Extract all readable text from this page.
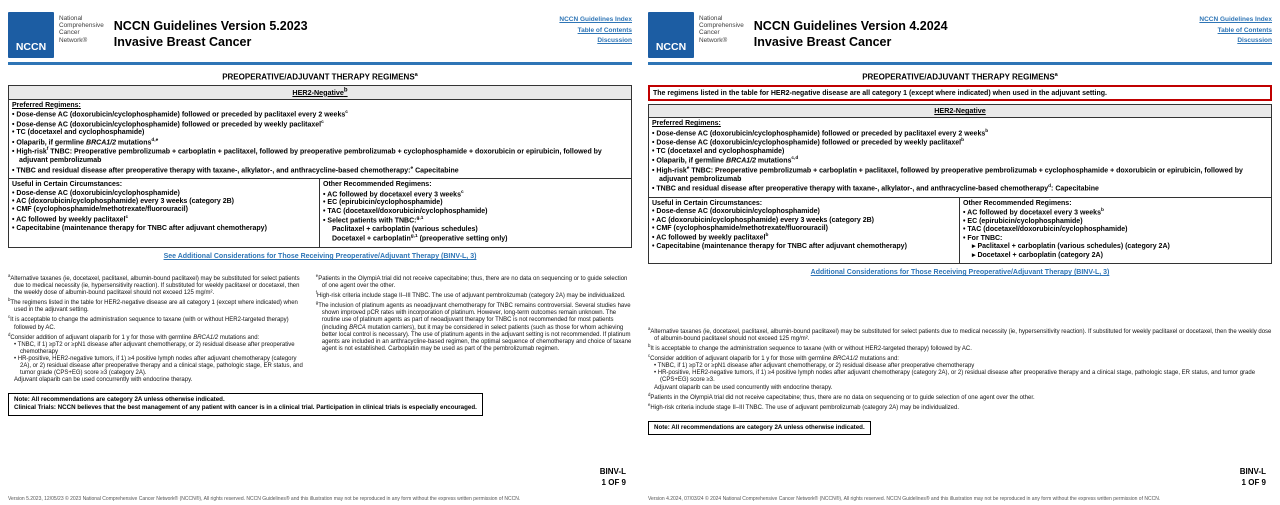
NCCN
National
Comprehensive
Cancer
Network®
NCCN Guidelines Version 5.2023
Invasive Breast Cancer
NCCN Guidelines Index
Table of Contents
Discussion
PREOPERATIVE/ADJUVANT THERAPY REGIMENS$^a$
HER2-Negative$^b$
Preferred Regimens:
• Dose-dense AC (doxorubicin/cyclophosphamide) followed or preceded by paclitaxel every 2 weeks$^c$
• Dose-dense AC (doxorubicin/cyclophosphamide) followed or preceded by weekly paclitaxel$^c$
• TC (docetaxel and cyclophosphamide)
• Olaparib, if germline BRCA1/2 mutations$^{d,e}$
• High-risk$^f$ TNBC: Preoperative pembrolizumab + carboplatin + paclitaxel, followed by preoperative pembrolizumab + cyclophosphamide + doxorubicin or epirubicin, followed by adjuvant pembrolizumab
• TNBC and residual disease after preoperative therapy with taxane-, alkylator-, and anthracycline-based chemotherapy:$^e$ Capecitabine
Useful in Certain Circumstances:
• Dose-dense AC (doxorubicin/cyclophosphamide)
• AC (doxorubicin/cyclophosphamide) every 3 weeks (category 2B)
• CMF (cyclophosphamide/methotrexate/fluorouracil)
• AC followed by weekly paclitaxel$^c$
• Capecitabine (maintenance therapy for TNBC after adjuvant chemotherapy)
Other Recommended Regimens:
• AC followed by docetaxel every 3 weeks$^c$
• EC (epirubicin/cyclophosphamide)
• TAC (docetaxel/doxorubicin/cyclophosphamide)
• Select patients with TNBC:$^{g,1}$
Paclitaxel + carboplatin (various schedules)
Docetaxel + carboplatin$^{g,1}$ (preoperative setting only)
See Additional Considerations for Those Receiving Preoperative/Adjuvant Therapy (BINV-L, 3)
$^a$Alternative taxanes (ie, docetaxel, paclitaxel, albumin-bound paclitaxel) may be substituted for select patients due to medical necessity (ie, hypersensitivity reaction). If substituted for weekly paclitaxel or docetaxel, then the weekly dose of albumin-bound paclitaxel should not exceed 125 mg/m².
$^b$The regimens listed in the table for HER2-negative disease are all category 1 (except where indicated) when used in the adjuvant setting.
$^c$It is acceptable to change the administration sequence to taxane (with or without HER2-targeted therapy) followed by AC.
$^d$Consider addition of adjuvant olaparib for 1 y for those with germline BRCA1/2 mutations and:
• TNBC, if 1) ≥pT2 or ≥pN1 disease after adjuvant chemotherapy, or 2) residual disease after preoperative chemotherapy
• HR-positive, HER2-negative tumors, if 1) ≥4 positive lymph nodes after adjuvant chemotherapy (category 2A), or 2) residual disease after preoperative therapy and a clinical stage, pathologic stage, ER status, and tumor grade (CPS+EG) score ≥3 (category 2A).
Adjuvant olaparib can be used concurrently with endocrine therapy.
$^e$Patients in the OlympiA trial did not receive capecitabine; thus, there are no data on sequencing or to guide selection of one agent over the other.
$^f$High-risk criteria include stage II–III TNBC. The use of adjuvant pembrolizumab (category 2A) may be individualized.
$^g$The inclusion of platinum agents as neoadjuvant chemotherapy for TNBC remains controversial. Several studies have shown improved pCR rates with incorporation of platinum. However, long-term outcomes remain unknown. The routine use of platinum agents as part of neoadjuvant therapy for TNBC is not recommended for most patients (including BRCA mutation carriers), but it may be considered in select patients (such as those for whom achieving better local control is necessary). The use of platinum agents in the adjuvant setting is not recommended. If platinum agents are included in an anthracycline-based regimen, the optimal sequence of chemotherapy and choice of taxane agent is not established. Carboplatin may be used as part of the pembrolizumab regimen.
Note: All recommendations are category 2A unless otherwise indicated.
Clinical Trials: NCCN believes that the best management of any patient with cancer is in a clinical trial. Participation in clinical trials is especially encouraged.
BINV-L
1 OF 9
Version 5.2023, 12/05/23 © 2023 National Comprehensive Cancer Network® (NCCN®), All rights reserved. NCCN Guidelines® and this illustration may not be reproduced in any form without the express written permission of NCCN.
NCCN
National
Comprehensive
Cancer
Network®
NCCN Guidelines Version 4.2024
Invasive Breast Cancer
NCCN Guidelines Index
Table of Contents
Discussion
PREOPERATIVE/ADJUVANT THERAPY REGIMENS$^a$
The regimens listed in the table for HER2-negative disease are all category 1 (except where indicated) when used in the adjuvant setting.
HER2-Negative
Preferred Regimens:
• Dose-dense AC (doxorubicin/cyclophosphamide) followed or preceded by paclitaxel every 2 weeks$^b$
• Dose-dense AC (doxorubicin/cyclophosphamide) followed or preceded by weekly paclitaxel$^b$
• TC (docetaxel and cyclophosphamide)
• Olaparib, if germline BRCA1/2 mutations$^{c,d}$
• High-risk$^e$ TNBC: Preoperative pembrolizumab + carboplatin + paclitaxel, followed by preoperative pembrolizumab + cyclophosphamide + doxorubicin or epirubicin, followed by adjuvant pembrolizumab
• TNBC and residual disease after preoperative therapy with taxane-, alkylator-, and anthracycline-based chemotherapy$^d$: Capecitabine
Useful in Certain Circumstances:
• Dose-dense AC (doxorubicin/cyclophosphamide)
• AC (doxorubicin/cyclophosphamide) every 3 weeks (category 2B)
• CMF (cyclophosphamide/methotrexate/fluorouracil)
• AC followed by weekly paclitaxel$^b$
• Capecitabine (maintenance therapy for TNBC after adjuvant chemotherapy)
Other Recommended Regimens:
• AC followed by docetaxel every 3 weeks$^b$
• EC (epirubicin/cyclophosphamide)
• TAC (docetaxel/doxorubicin/cyclophosphamide)
• For TNBC:
▸ Paclitaxel + carboplatin (various schedules) (category 2A)
▸ Docetaxel + carboplatin (category 2A)
Additional Considerations for Those Receiving Preoperative/Adjuvant Therapy (BINV-L, 3)
$^a$Alternative taxanes (ie, docetaxel, paclitaxel, albumin-bound paclitaxel) may be substituted for select patients due to medical necessity (ie, hypersensitivity reaction). If substituted for weekly paclitaxel or docetaxel, then the weekly dose of albumin-bound paclitaxel should not exceed 125 mg/m².
$^b$It is acceptable to change the administration sequence to taxane (with or without HER2-targeted therapy) followed by AC.
$^c$Consider addition of adjuvant olaparib for 1 y for those with germline BRCA1/2 mutations and:
• TNBC, if 1) ≥pT2 or ≥pN1 disease after adjuvant chemotherapy, or 2) residual disease after preoperative chemotherapy
• HR-positive, HER2-negative tumors, if 1) ≥4 positive lymph nodes after adjuvant chemotherapy (category 2A), or 2) residual disease after preoperative therapy and a clinical stage, pathologic stage, ER status, and tumor grade (CPS+EG) score ≥3.
Adjuvant olaparib can be used concurrently with endocrine therapy.
$^d$Patients in the OlympiA trial did not receive capecitabine; thus, there are no data on sequencing or to guide selection of one agent over the other.
$^e$High-risk criteria include stage II–III TNBC. The use of adjuvant pembrolizumab (category 2A) may be individualized.
Note: All recommendations are category 2A unless otherwise indicated.
BINV-L
1 OF 9
Version 4.2024, 07/03/24 © 2024 National Comprehensive Cancer Network® (NCCN®), All rights reserved. NCCN Guidelines® and this illustration may not be reproduced in any form without the express written permission of NCCN.
